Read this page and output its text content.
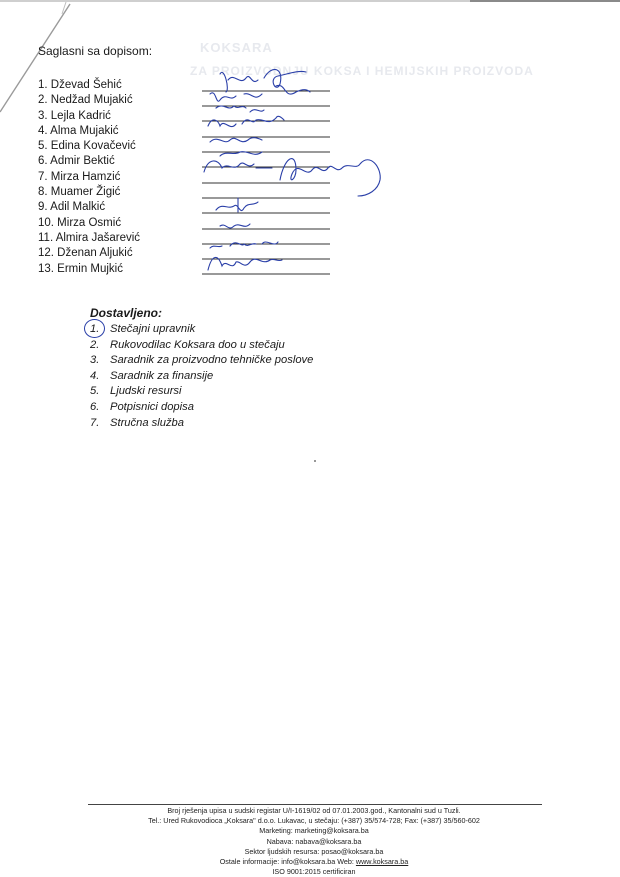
KOKSARA
ZA PROIZVODNJU KOKSA I HEMIJSKIH PROIZVODA
Saglasni sa dopisom:
1. Dževad Šehić
2. Nedžad Mujakić
3. Lejla Kadrić
4. Alma Mujakić
5. Edina Kovačević
6. Admir Bektić
7. Mirza Hamzić
8. Muamer Žigić
9. Adil Malkić
10. Mirza Osmić
11. Almira Jašarević
12. Dženan Aljukić
13. Ermin Mujkić
Dostavljeno:
1. Stečajni upravnik
2. Rukovodilac Koksara doo u stečaju
3. Saradnik za proizvodno tehničke poslove
4. Saradnik za finansije
5. Ljudski resursi
6. Potpisnici dopisa
7. Stručna služba
Broj rješenja upisa u sudski registar U/I-1619/02 od 07.01.2003.god., Kantonalni sud u Tuzli.
Tel.: Ured Rukovodioca „Koksara" d.o.o. Lukavac, u stečaju: (+387) 35/574-728; Fax: (+387) 35/560-602
Marketing: marketing@koksara.ba
Nabava: nabava@koksara.ba
Sektor ljudskih resursa: posao@koksara.ba
Ostale informacije: info@koksara.ba Web: www.koksara.ba
ISO 9001:2015 certificiran
